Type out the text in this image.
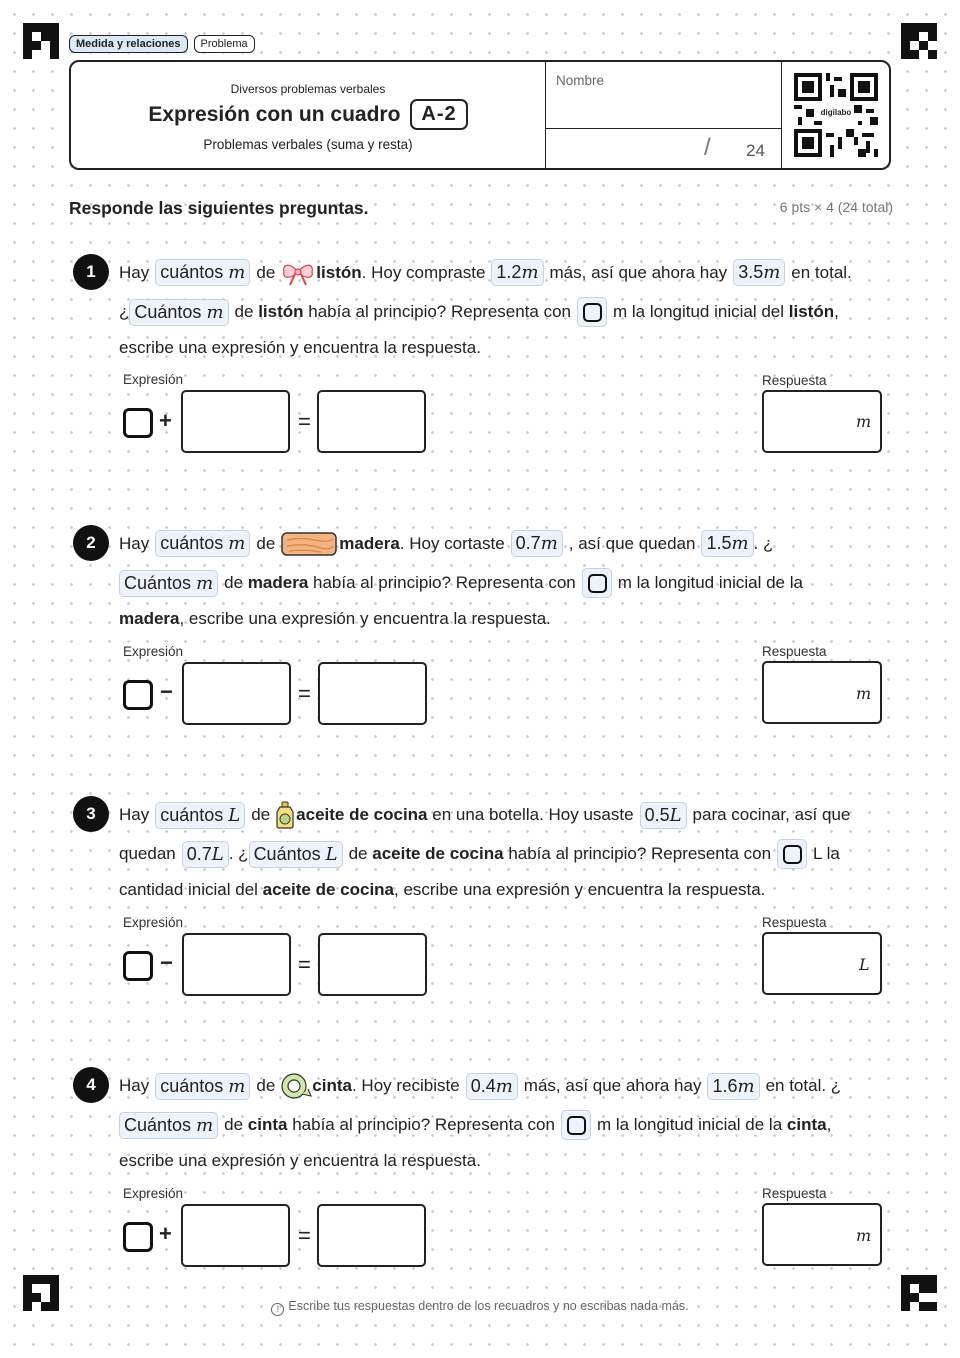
Medida y relaciones	Problema
Diversos problemas verbales
Expresión con un cuadro	A-2
Problemas verbales (suma y resta)
Nombre
/ 24
digilabo
Responde las siguientes preguntas.	6 pts × 4 (24 total)
1	Hay cuántos m de listón . Hoy compraste 1.2m más, así que ahora hay 3.5m en total.
¿ Cuántos m de
listón
había al principio? Representa con m la longitud inicial del
listón ,
escribe una expresión y encuentra la respuesta.
Expresión	Respuesta
+	=	m
2	Hay cuántos m de	madera . Hoy cortaste 0.7m , así que quedan 1.5m . ¿
Cuántos m de
madera
había al principio? Representa con m la longitud inicial de la
madera , escribe una expresión y encuentra la respuesta.
Expresión	Respuesta
−	=	m
3	Hay cuántos L de aceite de cocina
en una botella. Hoy usaste 0.5L para cocinar, así que
quedan 0.7L . ¿ Cuántos L de
aceite de cocina
había al principio? Representa con L la
cantidad inicial del
aceite de cocina , escribe una expresión y encuentra la respuesta.
Expresión	Respuesta
−	=	L
4	Hay cuántos m de cinta . Hoy recibiste 0.4m más, así que ahora hay 1.6m en total. ¿
Cuántos m de
cinta
había al principio? Representa con m la longitud inicial de la
cinta ,
escribe una expresión y encuentra la respuesta.
Expresión	Respuesta
+	=	m
! Escribe tus respuestas dentro de los recuadros y no escribas nada más.
